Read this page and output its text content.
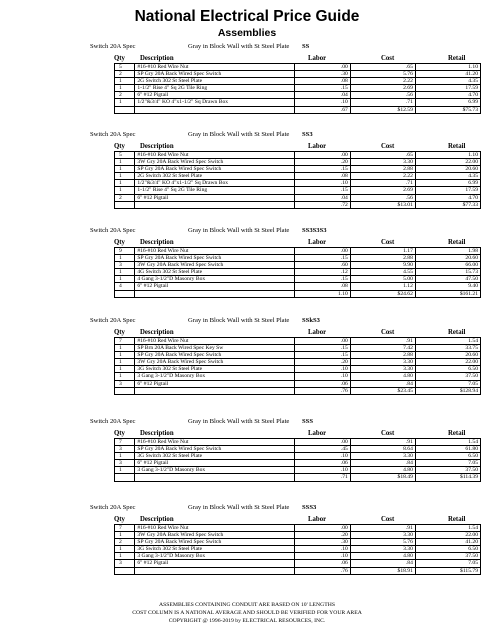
National Electrical Price Guide
Assemblies
Switch 20A Spec	Gray in Block Wall with St Steel Plate SS
Qty Description	Labor	Cost	Retail
5	#16-#10 Red Wire Nut	.00	.65	1.10
2	SP Gry 20A Back Wired Spec Switch	.30	5.76	41.20
1	2G Switch 302 St Steel Plate	.08	2.22	4.35
1	1-1/2" Rise 4" Sq 2G Tile Ring	.15	2.69	17.59
2	6" #12 Pigtail	.04	.56	4.70
1	1/2"&3/4" KO 4"x1-1/2" Sq Drawn Box	.10	.71	6.99
		.67	$12.59	$75.73
Switch 20A Spec	Gray in Block Wall with St Steel Plate SS3
Qty Description	Labor	Cost	Retail
5	#16-#10 Red Wire Nut	.00	.65	1.10
1	3W Gry 20A Back Wired Spec Switch	.20	3.30	22.00
1	SP Gry 20A Back Wired Spec Switch	.15	2.88	20.60
1	2G Switch 302 St Steel Plate	.08	2.22	4.35
1	1/2"&3/4" KO 4"x1-1/2" Sq Drawn Box	.10	.71	6.99
1	1-1/2" Rise 4" Sq 2G Tile Ring	.15	2.69	17.59
2	6" #12 Pigtail	.04	.56	4.70
		.72	$13.01	$77.33
Switch 20A Spec	Gray in Block Wall with St Steel Plate SS3S3S3
Qty Description	Labor	Cost	Retail
9	#16-#10 Red Wire Nut	.00	1.17	1.98
1	SP Gry 20A Back Wired Spec Switch	.15	2.88	20.60
3	3W Gry 20A Back Wired Spec Switch	.60	9.90	66.00
1	4G Switch 302 St Steel Plate	.12	4.55	15.73
1	4 Gang 3-1/2"D Masonry Box	.15	5.00	47.50
4	6" #12 Pigtail	.08	1.12	9.40
		1.10	$24.62	$161.21
Switch 20A Spec	Gray in Block Wall with St Steel Plate SSkS3
Qty Description	Labor	Cost	Retail
7	#16-#10 Red Wire Nut	.00	.91	1.54
1	SP Brn 20A Back Wired Spec Key Sw	.15	7.42	33.75
1	SP Gry 20A Back Wired Spec Switch	.15	2.88	20.60
1	3W Gry 20A Back Wired Spec Switch	.20	3.30	22.00
1	3G Switch 302 St Steel Plate	.10	3.30	6.50
1	3 Gang 3-1/2"D Masonry Box	.10	4.80	37.50
3	6" #12 Pigtail	.06	.84	7.05
		.76	$23.45	$128.94
Switch 20A Spec	Gray in Block Wall with St Steel Plate SSS
Qty Description	Labor	Cost	Retail
7	#16-#10 Red Wire Nut	.00	.91	1.54
3	SP Gry 20A Back Wired Spec Switch	.45	8.64	61.80
1	3G Switch 302 St Steel Plate	.10	3.30	6.50
3	6" #12 Pigtail	.06	.84	7.05
1	3 Gang 3-1/2"D Masonry Box	.10	4.80	37.50
		.71	$18.49	$114.39
Switch 20A Spec	Gray in Block Wall with St Steel Plate SSS3
Qty Description	Labor	Cost	Retail
7	#16-#10 Red Wire Nut	.00	.91	1.54
1	3W Gry 20A Back Wired Spec Switch	.20	3.30	22.00
2	SP Gry 20A Back Wired Spec Switch	.30	5.76	41.20
1	3G Switch 302 St Steel Plate	.10	3.30	6.50
1	3 Gang 3-1/2"D Masonry Box	.10	4.80	37.50
3	6" #12 Pigtail	.06	.84	7.05
		.76	$18.91	$115.79
ASSEMBLIES CONTAINING CONDUIT ARE BASED ON 10' LENGTHS
COST COLUMN IS A NATIONAL AVERAGE AND SHOULD BE VERIFIED FOR YOUR AREA
COPYRIGHT @ 1996-2019 by ELECTRICAL RESOURCES, INC.
